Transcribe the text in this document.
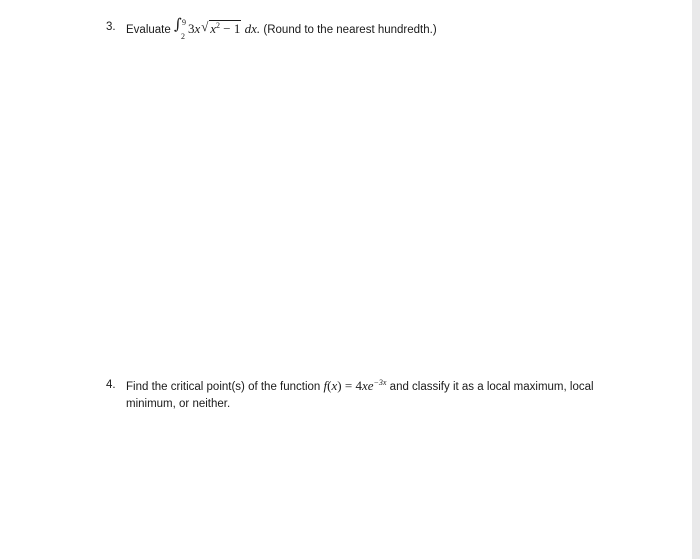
3. Evaluate ∫ 9
2
3x √ $x^2 - 1$ dx. (Round to the nearest hundredth.)
4. Find the critical point(s) of the function $f(x) = 4xe^{-3x}$ and classify it as a local maximum, local minimum, or neither.
